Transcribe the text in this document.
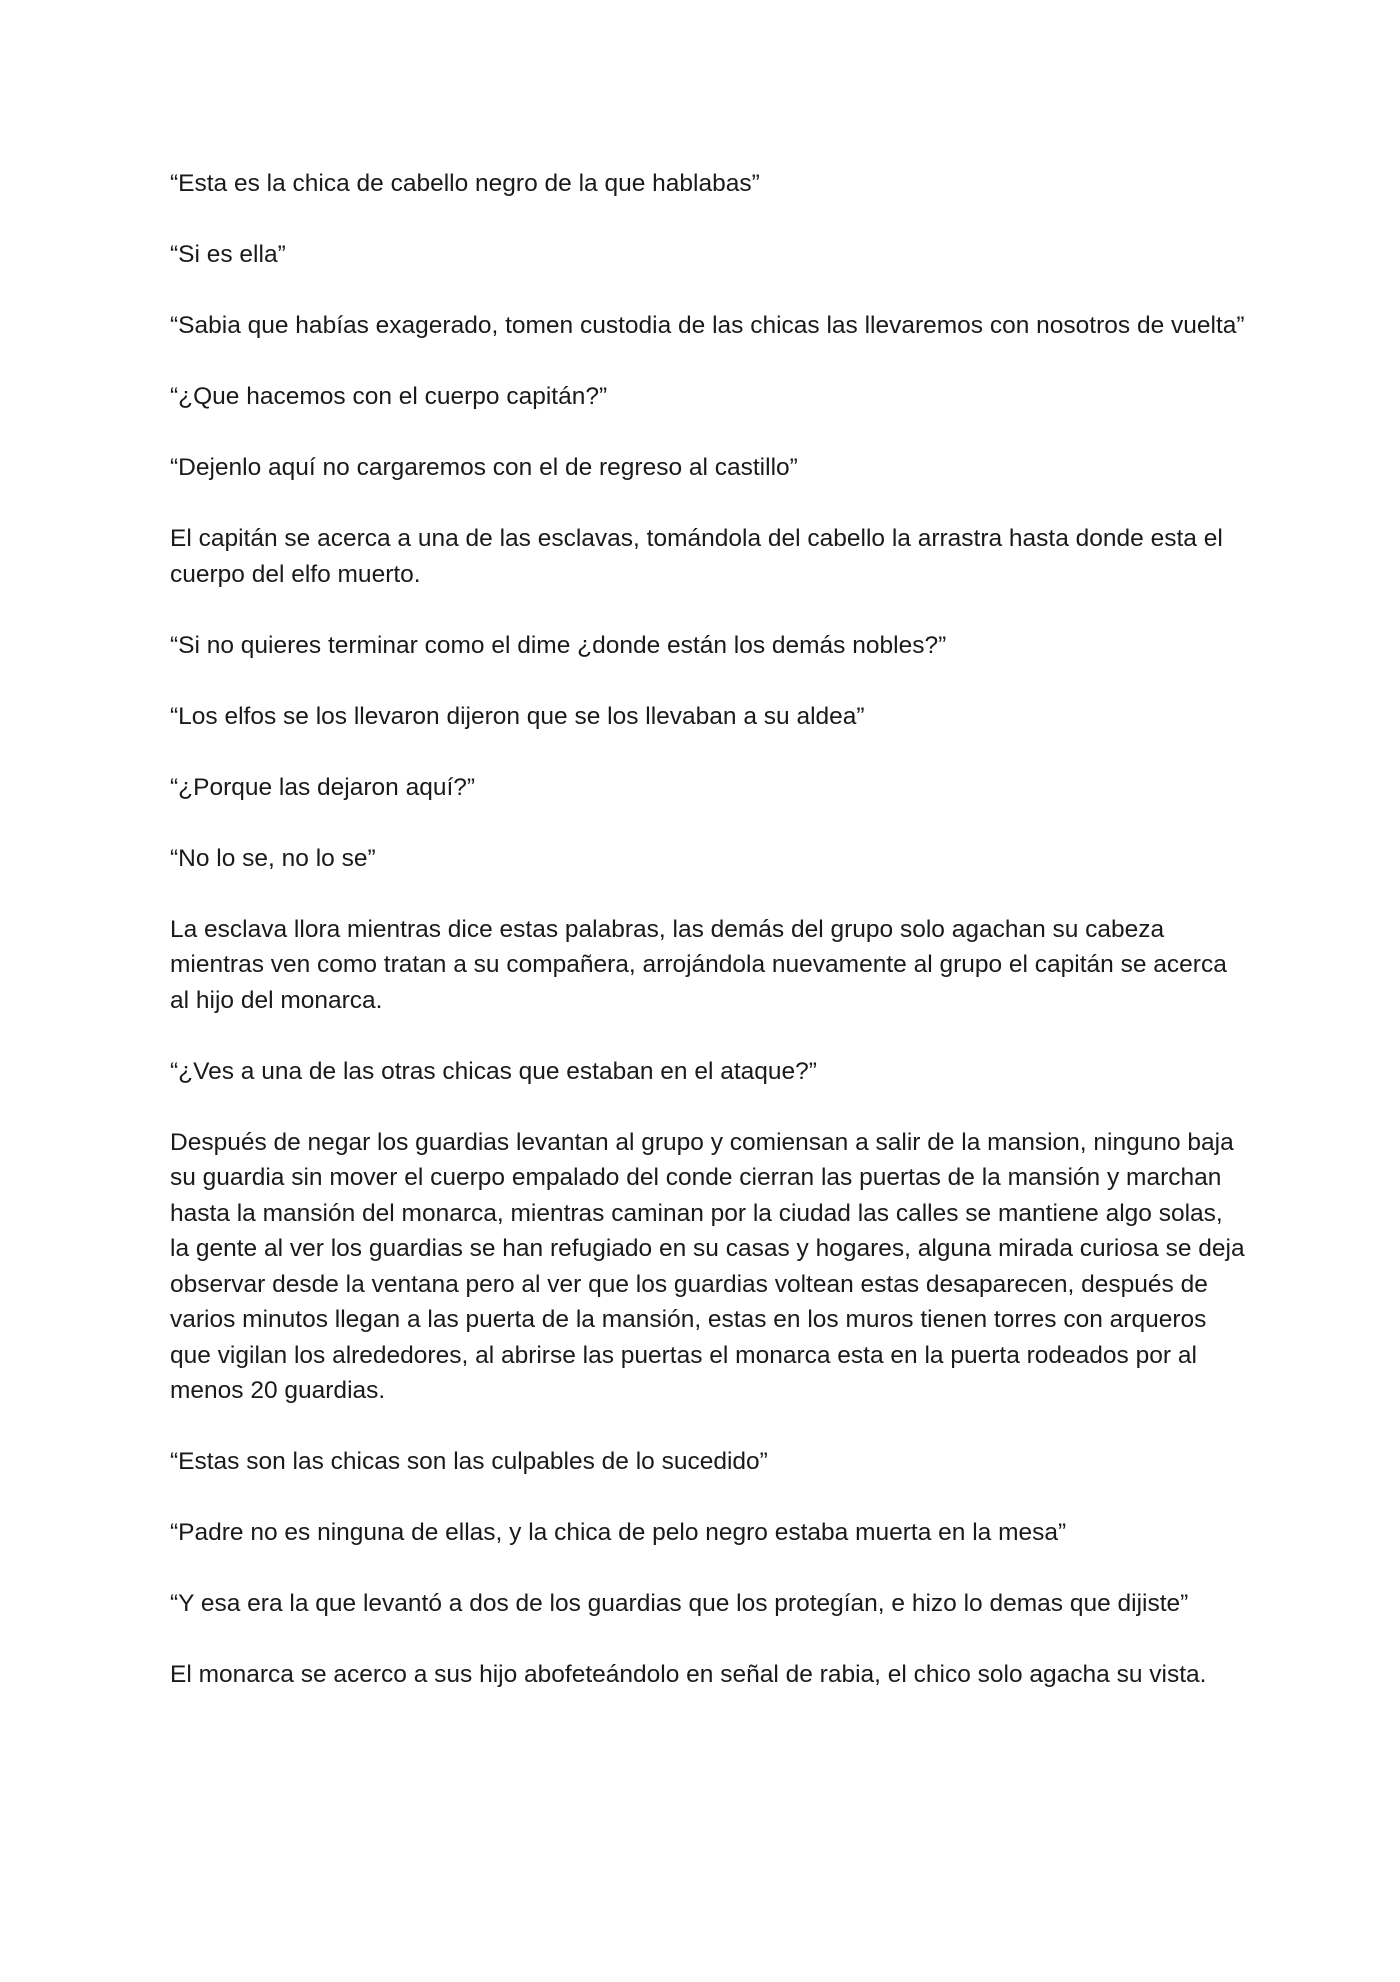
“Esta es la chica de cabello negro de la que hablabas”

“Si es ella”

“Sabia que habías exagerado, tomen custodia de las chicas las llevaremos con nosotros de vuelta”

“¿Que hacemos con el cuerpo capitán?”

“Dejenlo aquí no cargaremos con el de regreso al castillo”

El capitán se acerca a una de las esclavas, tomándola del cabello la arrastra hasta donde esta el cuerpo del elfo muerto.

“Si no quieres terminar como el dime ¿donde están los demás nobles?”

“Los elfos se los llevaron dijeron que se los llevaban a su aldea”

“¿Porque las dejaron aquí?”

“No lo se, no lo se”

La esclava llora mientras dice estas palabras, las demás del grupo solo agachan su cabeza mientras ven como tratan a su compañera, arrojándola nuevamente al grupo el capitán se acerca al hijo del monarca.

“¿Ves a una de las otras chicas que estaban en el ataque?”

Después de negar los guardias levantan al grupo y comiensan a salir de la mansion, ninguno baja su guardia sin mover el cuerpo empalado del conde cierran las puertas de la mansión y marchan hasta la mansión del monarca, mientras caminan por la ciudad las calles se mantiene algo solas, la gente al ver los guardias se han refugiado en su casas y hogares, alguna mirada curiosa se deja observar desde la ventana pero al ver que los guardias voltean estas desaparecen, después de varios minutos llegan a las puerta de la mansión, estas en los muros tienen torres con arqueros que vigilan los alrededores, al abrirse las puertas el monarca esta en la puerta rodeados por al menos 20 guardias.

“Estas son las chicas son las culpables de lo sucedido”

“Padre no es ninguna de ellas, y la chica de pelo negro estaba muerta en la mesa”

“Y esa era la que levantó a dos de los guardias que los protegían, e hizo lo demas que dijiste”

El monarca se acerco a sus hijo abofeteándolo en señal de rabia, el chico solo agacha su vista.
